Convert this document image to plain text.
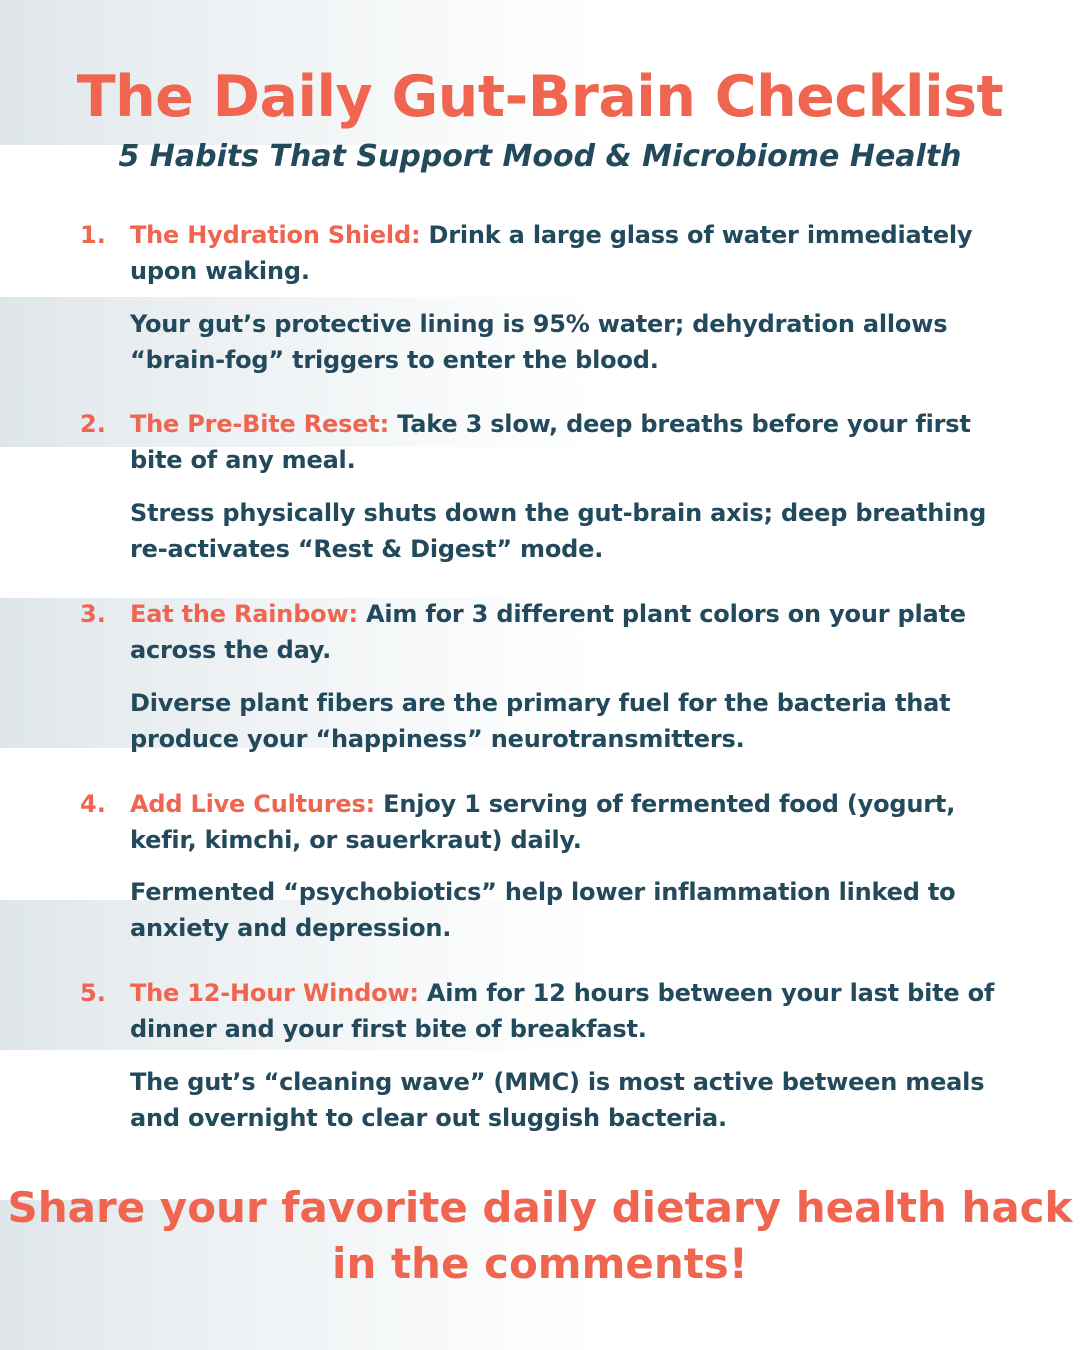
The Daily Gut-Brain Checklist
5 Habits That Support Mood & Microbiome Health
1. The Hydration Shield: Drink a large glass of water immediately upon waking.
Your gut’s protective lining is 95% water; dehydration allows “brain-fog” triggers to enter the blood.
2. The Pre-Bite Reset: Take 3 slow, deep breaths before your first bite of any meal.
Stress physically shuts down the gut-brain axis; deep breathing re-activates “Rest & Digest” mode.
3. Eat the Rainbow: Aim for 3 different plant colors on your plate across the day.
Diverse plant fibers are the primary fuel for the bacteria that produce your “happiness” neurotransmitters.
4. Add Live Cultures: Enjoy 1 serving of fermented food (yogurt, kefir, kimchi, or sauerkraut) daily.
Fermented “psychobiotics” help lower inflammation linked to anxiety and depression.
5. The 12-Hour Window: Aim for 12 hours between your last bite of dinner and your first bite of breakfast.
The gut’s “cleaning wave” (MMC) is most active between meals and overnight to clear out sluggish bacteria.
Share your favorite daily dietary health hack in the comments!
